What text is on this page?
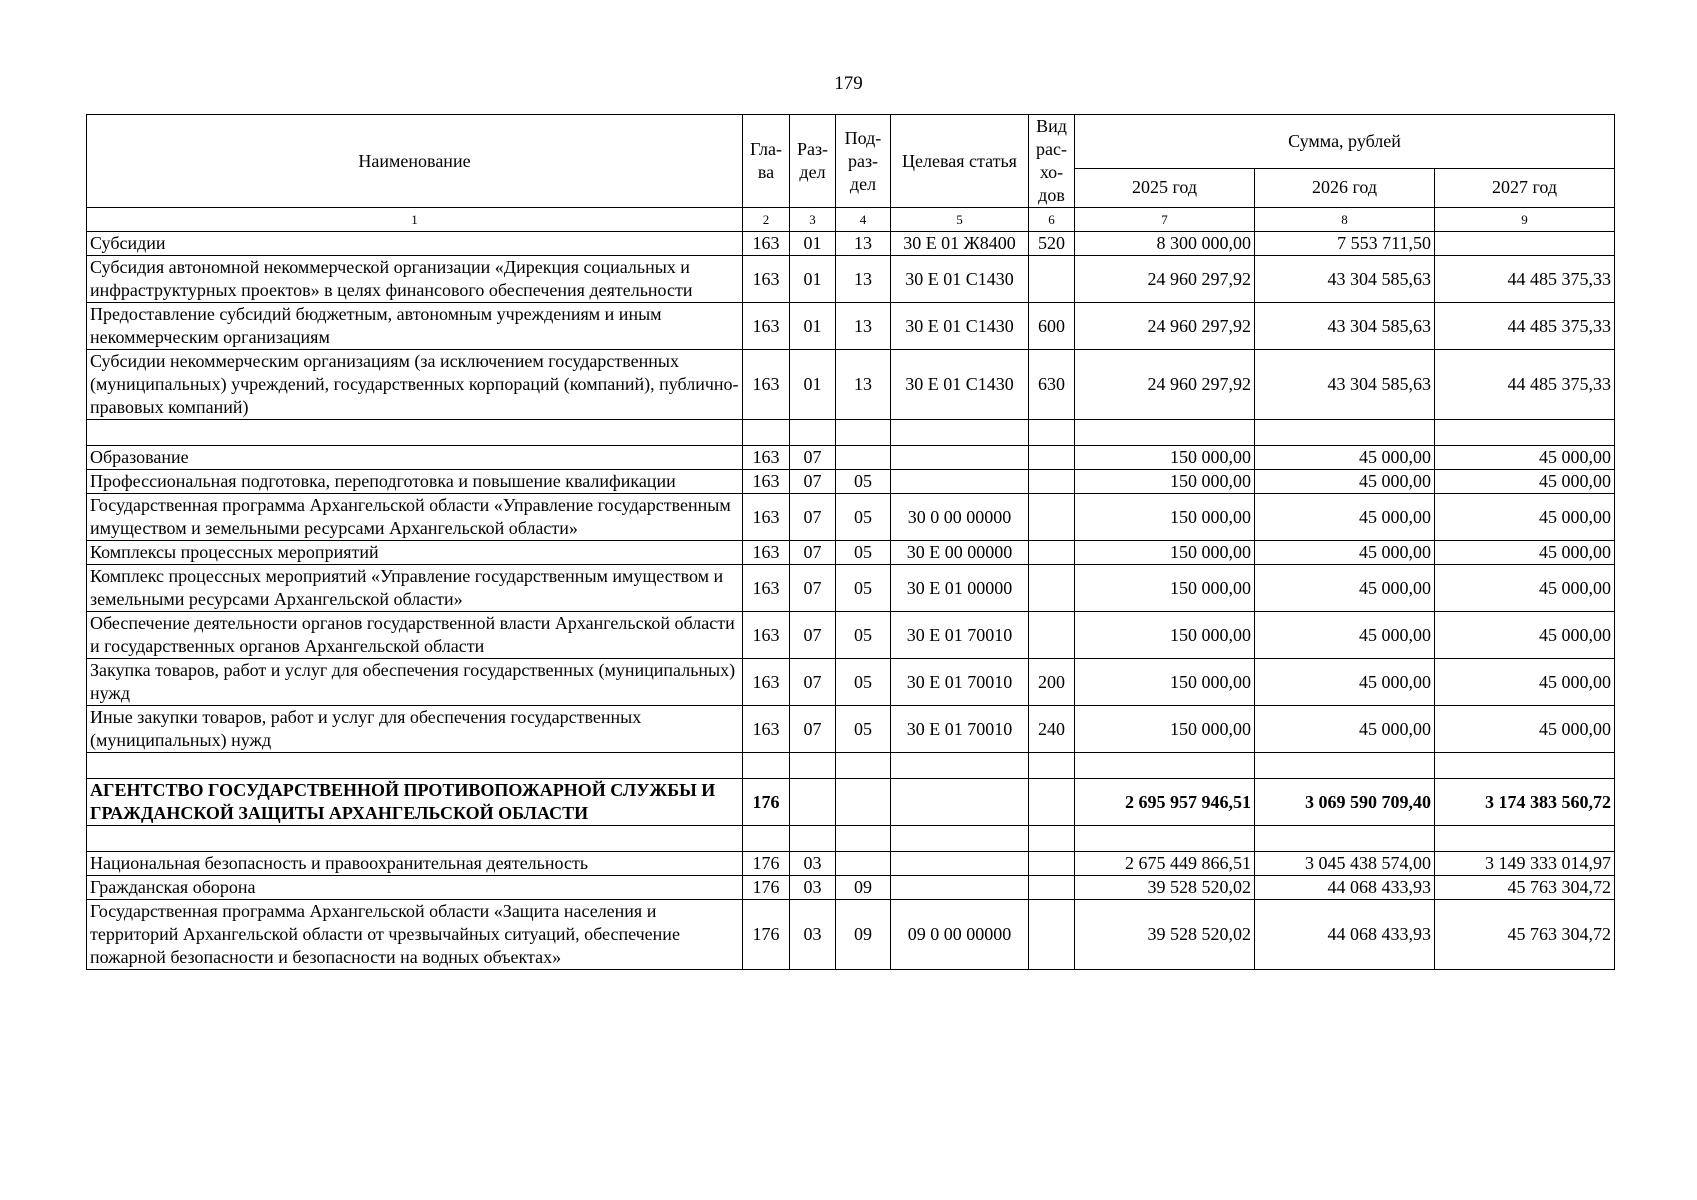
179
Наименование	Гла-ва	Раз-дел	Под-раз-дел	Целевая статья	Вид рас-хо-дов	Сумма, рублей		
						2025 год	2026 год	2027 год
1	2	3	4	5	6	7	8	9
Субсидии	163	01	13	30 Е 01 Ж8400	520	8 300 000,00	7 553 711,50	
Субсидия автономной некоммерческой организации «Дирекция социальных и инфраструктурных проектов» в целях финансового обеспечения деятельности	163	01	13	30 Е 01 С1430		24 960 297,92	43 304 585,63	44 485 375,33
Предоставление субсидий бюджетным, автономным учреждениям и иным некоммерческим организациям	163	01	13	30 Е 01 С1430	600	24 960 297,92	43 304 585,63	44 485 375,33
Субсидии некоммерческим организациям (за исключением государственных (муниципальных) учреждений, государственных корпораций (компаний), публично-правовых компаний)	163	01	13	30 Е 01 С1430	630	24 960 297,92	43 304 585,63	44 485 375,33

Образование	163	07				150 000,00	45 000,00	45 000,00
Профессиональная подготовка, переподготовка и повышение квалификации	163	07	05			150 000,00	45 000,00	45 000,00
Государственная программа Архангельской области «Управление государственным имуществом и земельными ресурсами Архангельской области»	163	07	05	30 0 00 00000		150 000,00	45 000,00	45 000,00
Комплексы процессных мероприятий	163	07	05	30 Е 00 00000		150 000,00	45 000,00	45 000,00
Комплекс процессных мероприятий «Управление государственным имуществом и земельными ресурсами Архангельской области»	163	07	05	30 Е 01 00000		150 000,00	45 000,00	45 000,00
Обеспечение деятельности органов государственной власти Архангельской области и государственных органов Архангельской области	163	07	05	30 Е 01 70010		150 000,00	45 000,00	45 000,00
Закупка товаров, работ и услуг для обеспечения государственных (муниципальных) нужд	163	07	05	30 Е 01 70010	200	150 000,00	45 000,00	45 000,00
Иные закупки товаров, работ и услуг для обеспечения государственных (муниципальных) нужд	163	07	05	30 Е 01 70010	240	150 000,00	45 000,00	45 000,00

АГЕНТСТВО ГОСУДАРСТВЕННОЙ ПРОТИВОПОЖАРНОЙ СЛУЖБЫ И ГРАЖДАНСКОЙ ЗАЩИТЫ АРХАНГЕЛЬСКОЙ ОБЛАСТИ	176					2 695 957 946,51	3 069 590 709,40	3 174 383 560,72

Национальная безопасность и правоохранительная деятельность	176	03				2 675 449 866,51	3 045 438 574,00	3 149 333 014,97
Гражданская оборона	176	03	09			39 528 520,02	44 068 433,93	45 763 304,72
Государственная программа Архангельской области «Защита населения и территорий Архангельской области от чрезвычайных ситуаций, обеспечение пожарной безопасности и безопасности на водных объектах»	176	03	09	09 0 00 00000		39 528 520,02	44 068 433,93	45 763 304,72
